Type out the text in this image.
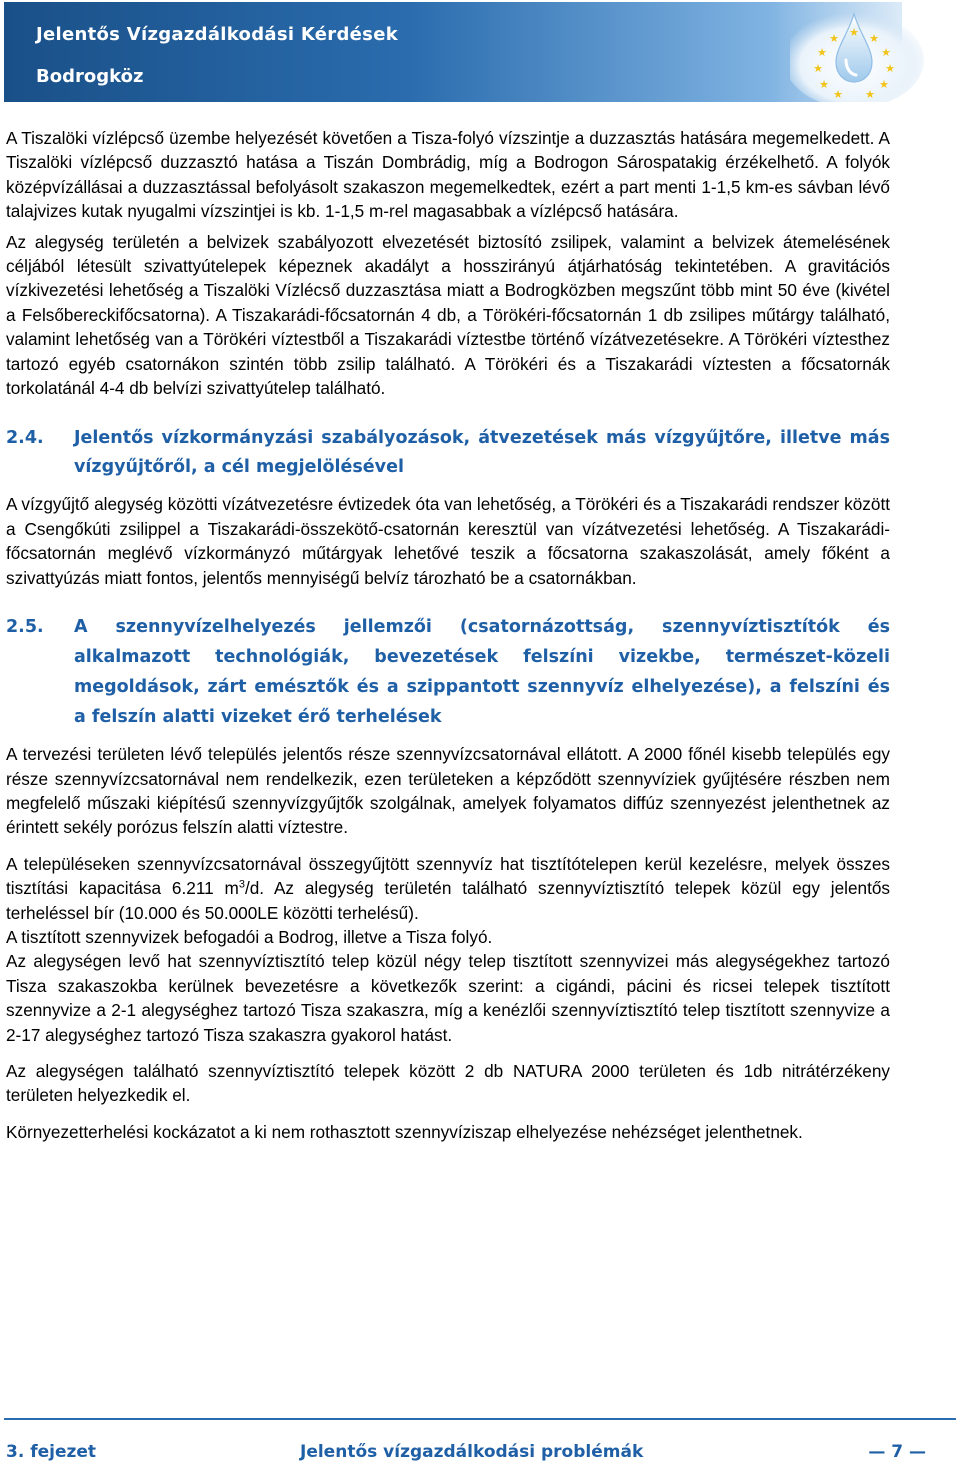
Jelentős Vízgazdálkodási Kérdések
Bodrogköz
★ ★
★
★
★
★
★
★
★
★
★

A Tiszalöki vízlépcső üzembe helyezését követően a Tisza-folyó vízszintje a duzzasztás hatására megemelkedett. A Tiszalöki vízlépcső duzzasztó hatása a Tiszán Dombrádig, míg a Bodrogon Sárospatakig érzékelhető. A folyók középvízállásai a duzzasztással befolyásolt szakaszon megemelkedtek, ezért a part menti 1-1,5 km-es sávban lévő talajvizes kutak nyugalmi vízszintjei is kb. 1-1,5 m-rel magasabbak a vízlépcső hatására.

Az alegység területén a belvizek szabályozott elvezetését biztosító zsilipek, valamint a belvizek átemelésének céljából létesült szivattyútelepek képeznek akadályt a hosszirányú átjárhatóság tekintetében. A gravitációs vízkivezetési lehetőség a Tiszalöki Vízlécső duzzasztása miatt a Bodrogközben megszűnt több mint 50 éve (kivétel a Felsőbereckifőcsatorna). A Tiszakarádi-főcsatornán 4 db, a Törökéri-főcsatornán 1 db zsilipes műtárgy található, valamint lehetőség van a Törökéri víztestből a Tiszakarádi víztestbe történő vízátvezetésekre. A Törökéri víztesthez tartozó egyéb csatornákon szintén több zsilip található. A Törökéri és a Tiszakarádi víztesten a főcsatornák torkolatánál 4-4 db belvízi szivattyútelep található.

2.4.	Jelentős vízkormányzási szabályozások, átvezetések más vízgyűjtőre, illetve más vízgyűjtőről, a cél megjelölésével

A vízgyűjtő alegység közötti vízátvezetésre évtizedek óta van lehetőség, a Törökéri és a Tiszakarádi rendszer között a Csengőkúti zsilippel a Tiszakarádi-összekötő-csatornán keresztül van vízátvezetési lehetőség. A Tiszakarádi-főcsatornán meglévő vízkormányzó műtárgyak lehetővé teszik a főcsatorna szakaszolását, amely főként a szivattyúzás miatt fontos, jelentős mennyiségű belvíz tározható be a csatornákban.

2.5.	A szennyvízelhelyezés jellemzői (csatornázottság, szennyvíztisztítók és alkalmazott technológiák, bevezetések felszíni vizekbe, természet-közeli megoldások, zárt emésztők és a szippantott szennyvíz elhelyezése), a felszíni és a felszín alatti vizeket érő terhelések

A tervezési területen lévő település jelentős része szennyvízcsatornával ellátott. A 2000 főnél kisebb település egy része szennyvízcsatornával nem rendelkezik, ezen területeken a képződött szennyvíziek gyűjtésére részben nem megfelelő műszaki kiépítésű szennyvízgyűjtők szolgálnak, amelyek folyamatos diffúz szennyezést jelenthetnek az érintett sekély porózus felszín alatti víztestre.

A településeken szennyvízcsatornával összegyűjtött szennyvíz hat tisztítótelepen kerül kezelésre, melyek összes tisztítási kapacitása 6.211 $m^3/d$. Az alegység területén található szennyvíztisztító telepek közül egy jelentős terheléssel bír (10.000 és 50.000LE közötti terhelésű).

A tisztított szennyvizek befogadói a Bodrog, illetve a Tisza folyó.

Az alegységen levő hat szennyvíztisztító telep közül négy telep tisztított szennyvizei más alegységekhez tartozó Tisza szakaszokba kerülnek bevezetésre a következők szerint: a cigándi, pácini és ricsei telepek tisztított szennyvize a 2-1 alegységhez tartozó Tisza szakaszra, míg a kenézlői szennyvíztisztító telep tisztított szennyvize a 2-17 alegységhez tartozó Tisza szakaszra gyakorol hatást.

Az alegységen található szennyvíztisztító telepek között 2 db NATURA 2000 területen és 1db nitrátérzékeny területen helyezkedik el.

Környezetterhelési kockázatot a ki nem rothasztott szennyvíziszap elhelyezése nehézséget jelenthetnek.

3. fejezet	Jelentős vízgazdálkodási problémák	— 7 —
